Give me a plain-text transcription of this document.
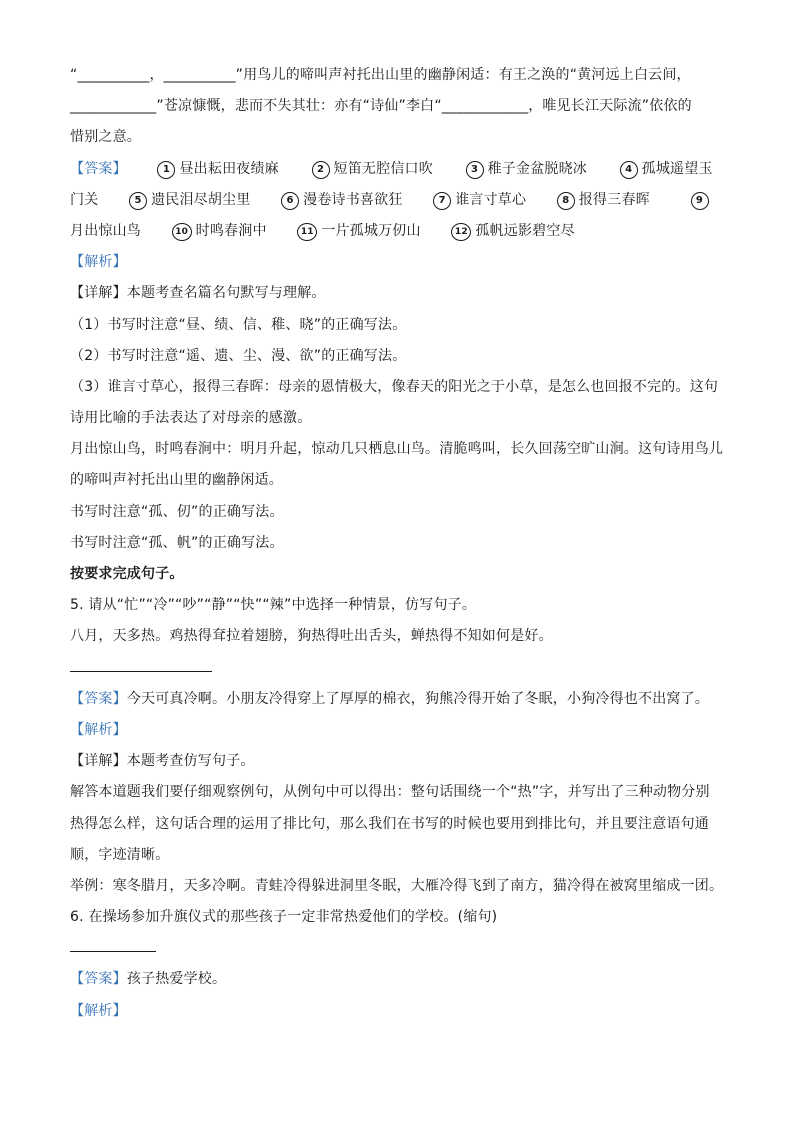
“__________，__________”用鸟儿的啼叫声衬托出山里的幽静闲适：有王之涣的“黄河远上白云间，
____________”苍凉慷慨，悲而不失其壮：亦有“诗仙”李白“____________，唯见长江天际流”依依的
惜别之意。
【答案】	1 昼出耘田夜绩麻	2 短笛无腔信口吹	3 稚子金盆脱晓冰	4 孤城遥望玉
门关	5 遗民泪尽胡尘里	6 漫卷诗书喜欲狂	7 谁言寸草心	8 报得三春晖	9
月出惊山鸟	10 时鸣春涧中	11 一片孤城万仞山	12 孤帆远影碧空尽
【解析】
【详解】本题考查名篇名句默写与理解。
（1）书写时注意“昼、绩、信、稚、晓”的正确写法。
（2）书写时注意“遥、遗、尘、漫、欲”的正确写法。
（3）谁言寸草心，报得三春晖：母亲的恩情极大，像春天的阳光之于小草，是怎么也回报不完的。这句
诗用比喻的手法表达了对母亲的感激。
月出惊山鸟，时鸣春涧中：明月升起，惊动几只栖息山鸟。清脆鸣叫，长久回荡空旷山涧。这句诗用鸟儿
的啼叫声衬托出山里的幽静闲适。
书写时注意“孤、仞”的正确写法。
书写时注意“孤、帆”的正确写法。
按要求完成句子。
5. 请从“忙”“冷”“吵”“静”“快”“辣”中选择一种情景，仿写句子。
八月，天多热。鸡热得耷拉着翅膀，狗热得吐出舌头，蝉热得不知如何是好。
【答案】今天可真冷啊。小朋友冷得穿上了厚厚的棉衣，狗熊冷得开始了冬眠，小狗冷得也不出窝了。
【解析】
【详解】本题考查仿写句子。
解答本道题我们要仔细观察例句，从例句中可以得出：整句话围绕一个“热”字，并写出了三种动物分别
热得怎么样，这句话合理的运用了排比句，那么我们在书写的时候也要用到排比句，并且要注意语句通
顺，字迹清晰。
举例：寒冬腊月，天多冷啊。青蛙冷得躲进洞里冬眠，大雁冷得飞到了南方，猫冷得在被窝里缩成一团。
6. 在操场参加升旗仪式的那些孩子一定非常热爱他们的学校。(缩句)
【答案】孩子热爱学校。
【解析】
